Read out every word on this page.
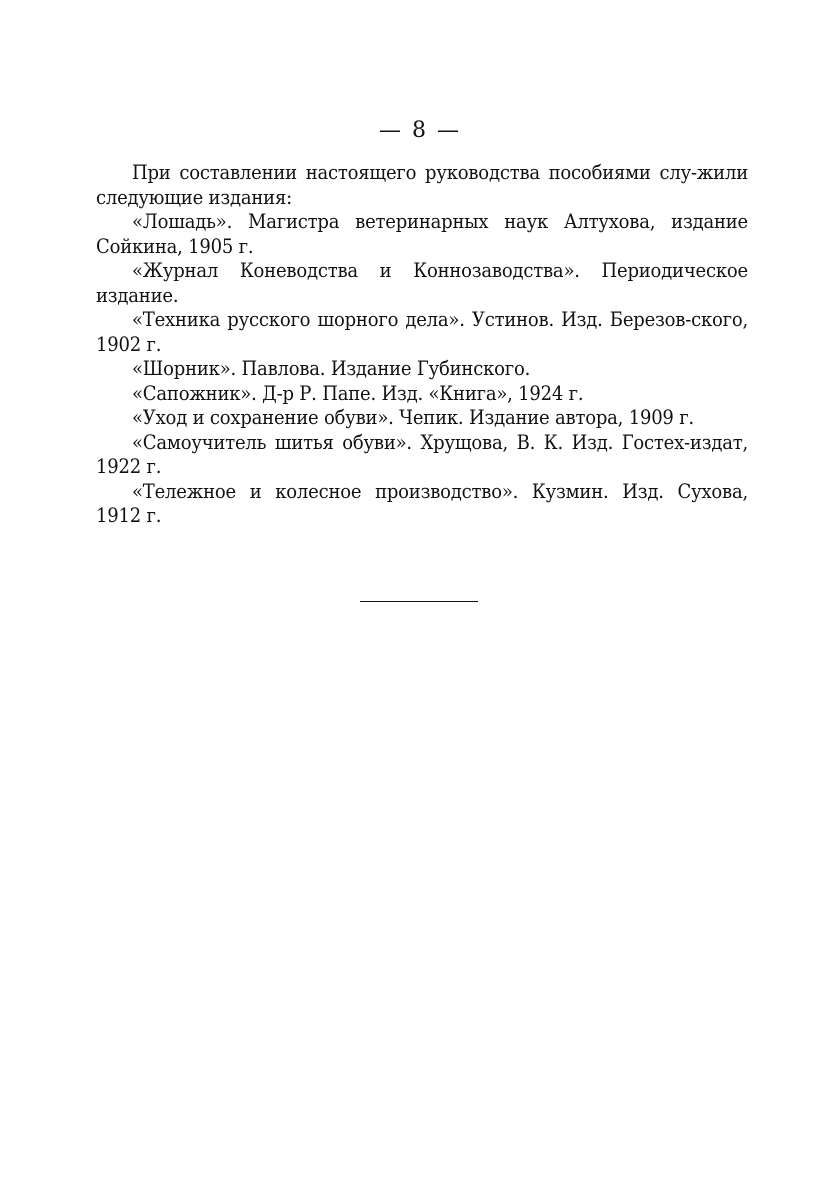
— 8 —

При составлении настоящего руководства пособиями слу-жили следующие издания:

«Лошадь». Магистра ветеринарных наук Алтухова, издание Сойкина, 1905 г.

«Журнал Коневодства и Коннозаводства». Периодическое издание.

«Техника русского шорного дела». Устинов. Изд. Березов-ского, 1902 г.

«Шорник». Павлова. Издание Губинского.

«Сапожник». Д-р Р. Папе. Изд. «Книга», 1924 г.

«Уход и сохранение обуви». Чепик. Издание автора, 1909 г.

«Самоучитель шитья обуви». Хрущова, В. К. Изд. Гостех-издат, 1922 г.

«Тележное и колесное производство». Кузмин. Изд. Сухова, 1912 г.
